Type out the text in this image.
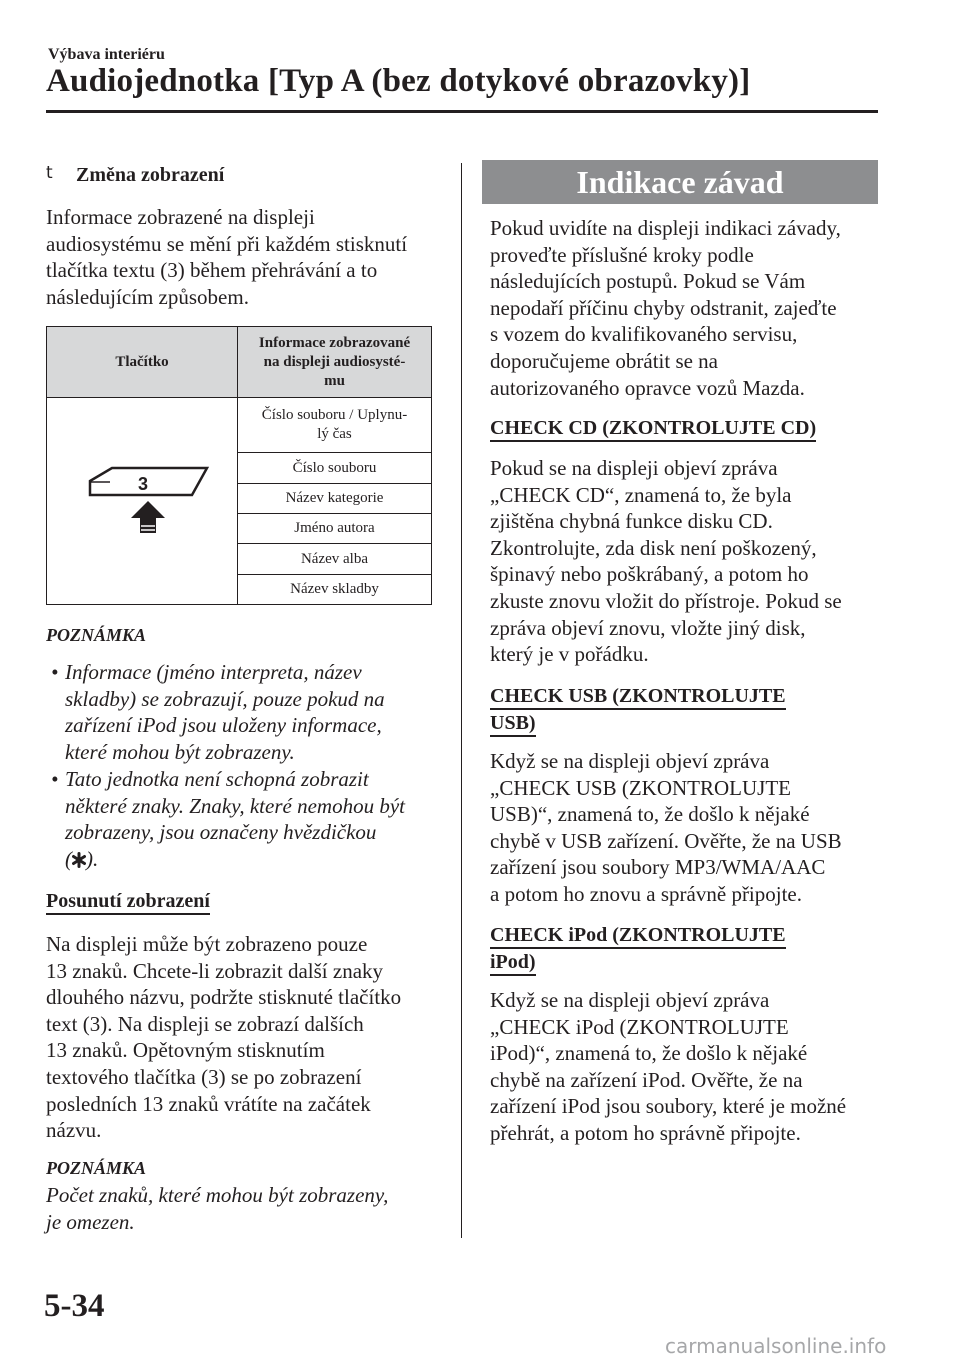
Výbava interiéru
Audiojednotka [Typ A (bez dotykové obrazovky)]
t Změna zobrazení
Informace zobrazené na displeji
audiosystému se mění při každém stisknutí
tlačítka textu (3) během přehrávání a to
následujícím způsobem.
Tlačítko	Informace zobrazované
na displeji audiosysté-
mu

3	Číslo souboru / Uplynu-
lý čas

	Číslo souboru
	Název kategorie
	Jméno autora
	Název alba
	Název skladby
POZNÁMKA
• Informace (jméno interpreta, název
skladby) se zobrazují, pouze pokud na
zařízení iPod jsou uloženy informace,
které mohou být zobrazeny.
• Tato jednotka není schopná zobrazit
některé znaky. Znaky, které nemohou být
zobrazeny, jsou označeny hvězdičkou
( ).
Posunutí zobrazení
Na displeji může být zobrazeno pouze
13 znaků. Chcete-li zobrazit další znaky
dlouhého názvu, podržte stisknuté tlačítko
text (3). Na displeji se zobrazí dalších
13 znaků. Opětovným stisknutím
textového tlačítka (3) se po zobrazení
posledních 13 znaků vrátíte na začátek
názvu.
POZNÁMKA
Počet znaků, které mohou být zobrazeny,
je omezen.
Indikace závad
Pokud uvidíte na displeji indikaci závady,
proveďte příslušné kroky podle
následujících postupů. Pokud se Vám
nepodaří příčinu chyby odstranit, zajeďte
s vozem do kvalifikovaného servisu,
doporučujeme obrátit se na
autorizovaného opravce vozů Mazda.
CHECK CD (ZKONTROLUJTE CD)
Pokud se na displeji objeví zpráva
„CHECK CD“, znamená to, že byla
zjištěna chybná funkce disku CD.
Zkontrolujte, zda disk není poškozený,
špinavý nebo poškrábaný, a potom ho
zkuste znovu vložit do přístroje. Pokud se
zpráva objeví znovu, vložte jiný disk,
který je v pořádku.
CHECK USB (ZKONTROLUJTE
USB)
Když se na displeji objeví zpráva
„CHECK USB (ZKONTROLUJTE
USB)“, znamená to, že došlo k nějaké
chybě v USB zařízení. Ověřte, že na USB
zařízení jsou soubory MP3/WMA/AAC
a potom ho znovu a správně připojte.
CHECK iPod (ZKONTROLUJTE
iPod)
Když se na displeji objeví zpráva
„CHECK iPod (ZKONTROLUJTE
iPod)“, znamená to, že došlo k nějaké
chybě na zařízení iPod. Ověřte, že na
zařízení iPod jsou soubory, které je možné
přehrát, a potom ho správně připojte.
5-34
carmanualsonline.info
